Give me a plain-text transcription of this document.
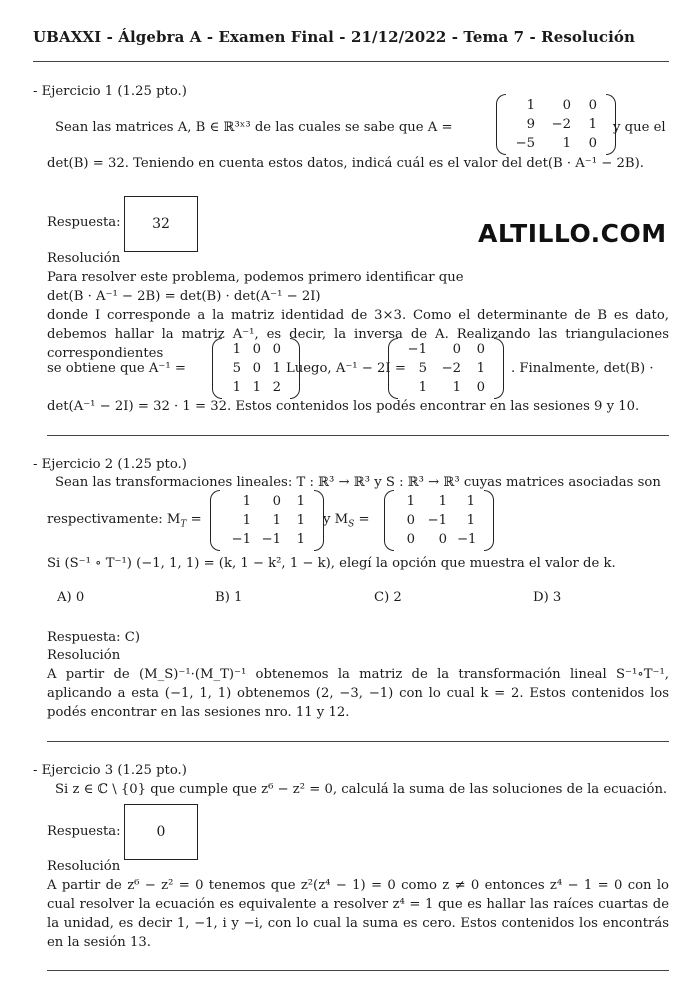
UBAXXI - Álgebra A - Examen Final - 21/12/2022 - Tema 7 - Resolución
- Ejercicio 1 (1.25 pto.)
Sean las matrices A, B ∈ ℝ³ˣ³ de las cuales se sabe que A =
1	0	0
9	−2	1
−5	1	0
y que el
det(B) = 32. Teniendo en cuenta estos datos, indicá cuál es el valor del det(B · A⁻¹ − 2B).
Respuesta:	32	ALTILLO.COM
Resolución
Para resolver este problema, podemos primero identificar que
det(B · A⁻¹ − 2B) = det(B) · det(A⁻¹ − 2I)
donde I corresponde a la matriz identidad de 3×3. Como el determinante de B es dato, debemos hallar la matriz A⁻¹, es decir, la inversa de A. Realizando las triangulaciones correspondientes
se obtiene que A⁻¹ =
1 0 0
5 0 1
1 1 2
Luego, A⁻¹ − 2I =
−1	0	0
5	−2	1
1	1	0
. Finalmente, det(B) ·
det(A⁻¹ − 2I) = 32 · 1 = 32. Estos contenidos los podés encontrar en las sesiones 9 y 10.
- Ejercicio 2 (1.25 pto.)
Sean las transformaciones lineales: T : ℝ³ → ℝ³ y S : ℝ³ → ℝ³ cuyas matrices asociadas son
respectivamente: $M_T$ =
1	0	1
1	1	1
−1 −1	1
y $M_S$ =
1	1	1
0 −1	1
0	0 −1
Si (S⁻¹ ∘ T⁻¹) (−1, 1, 1) = (k, 1 − k², 1 − k), elegí la opción que muestra el valor de k.
A) 0	B) 1	C) 2	D) 3
Respuesta: C)
Resolución
A partir de (M_S)⁻¹·(M_T)⁻¹ obtenemos la matriz de la transformación lineal S⁻¹∘T⁻¹, aplicando a esta (−1, 1, 1) obtenemos (2, −3, −1) con lo cual k = 2. Estos contenidos los podés encontrar en las sesiones nro. 11 y 12.
- Ejercicio 3 (1.25 pto.)
Si z ∈ ℂ \ {0} que cumple que z⁶ − z² = 0, calculá la suma de las soluciones de la ecuación.
Respuesta:	0
Resolución
A partir de z⁶ − z² = 0 tenemos que z²(z⁴ − 1) = 0 como z ≠ 0 entonces z⁴ − 1 = 0 con lo cual resolver la ecuación es equivalente a resolver z⁴ = 1 que es hallar las raíces cuartas de la unidad, es decir 1, −1, i y −i, con lo cual la suma es cero. Estos contenidos los encontrás en la sesión 13.
